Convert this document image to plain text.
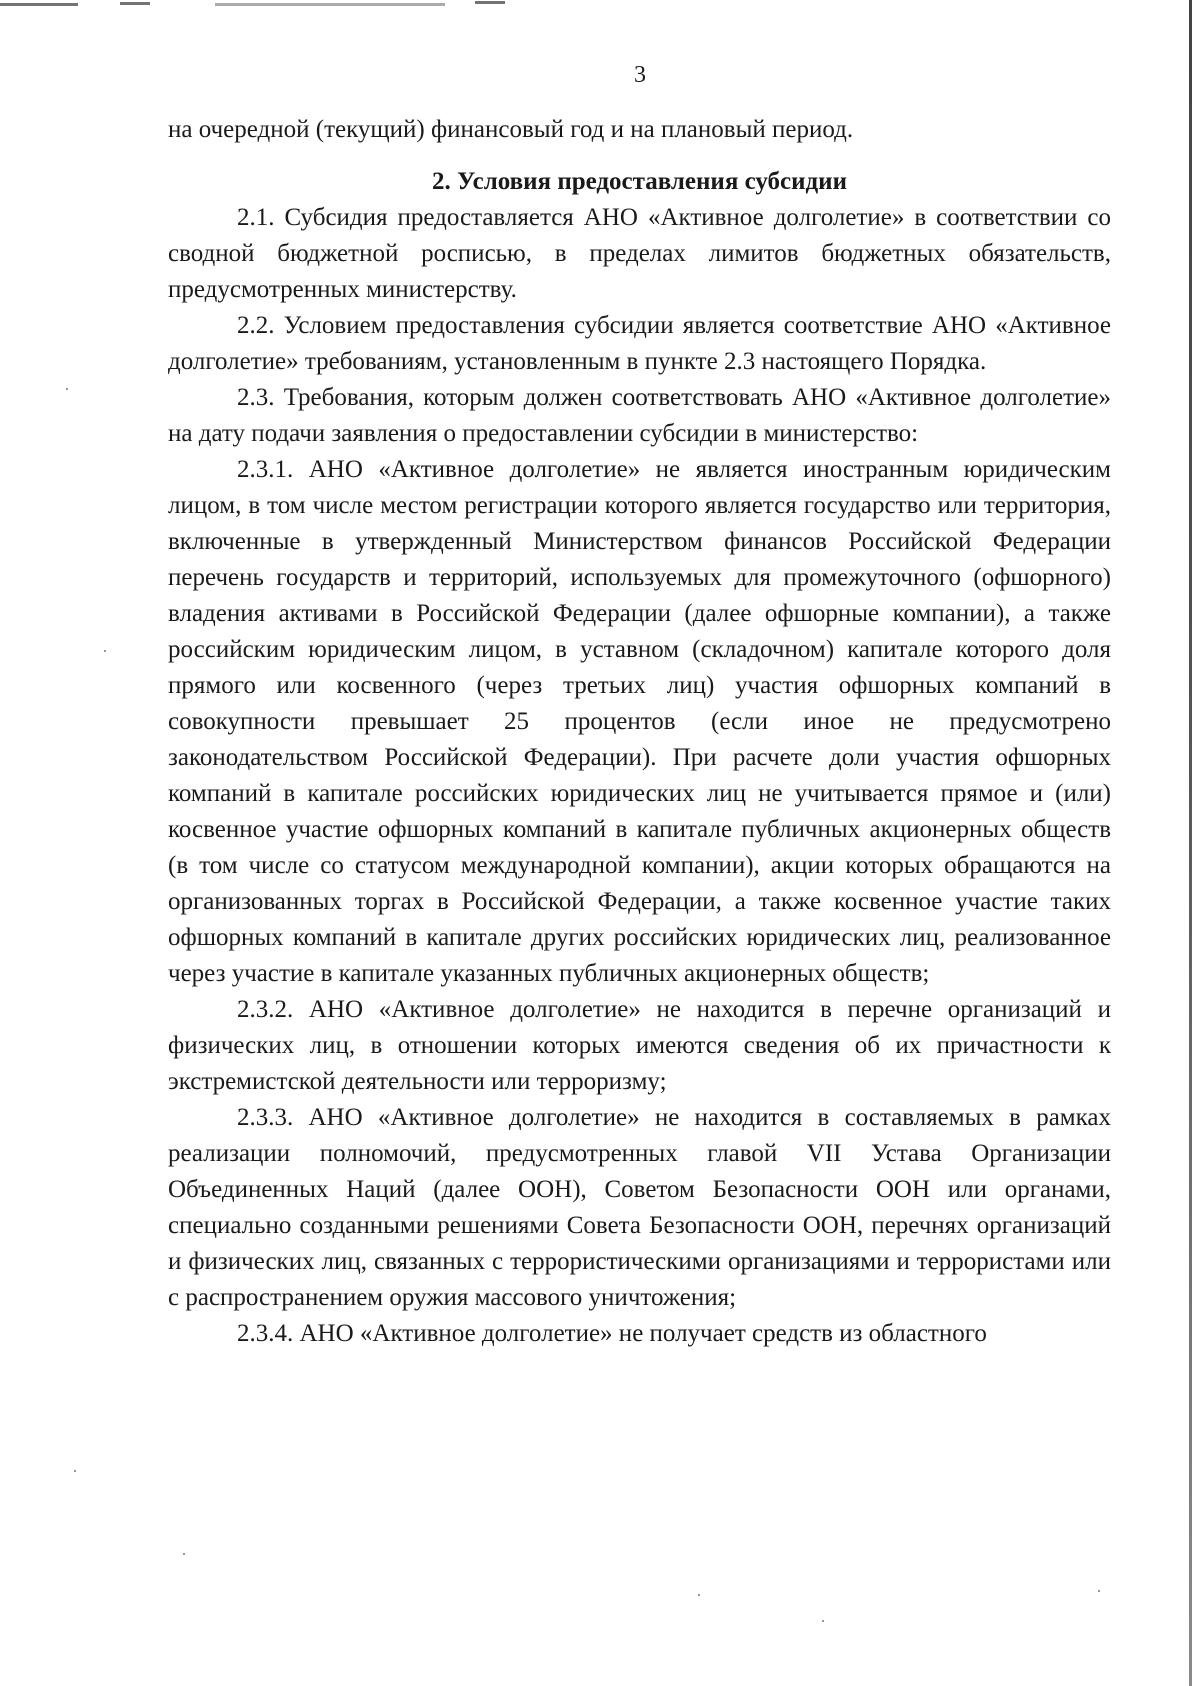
3

на очередной (текущий) финансовый год и на плановый период.

2. Условия предоставления субсидии

2.1. Субсидия предоставляется АНО «Активное долголетие» в соответствии со сводной бюджетной росписью, в пределах лимитов бюджетных обязательств, предусмотренных министерству.

2.2. Условием предоставления субсидии является соответствие АНО «Активное долголетие» требованиям, установленным в пункте 2.3 настоящего Порядка.

2.3. Требования, которым должен соответствовать АНО «Активное долголетие» на дату подачи заявления о предоставлении субсидии в министерство:

2.3.1. АНО «Активное долголетие» не является иностранным юридическим лицом, в том числе местом регистрации которого является государство или территория, включенные в утвержденный Министерством финансов Российской Федерации перечень государств и территорий, используемых для промежуточного (офшорного) владения активами в Российской Федерации (далее офшорные компании), а также российским юридическим лицом, в уставном (складочном) капитале которого доля прямого или косвенного (через третьих лиц) участия офшорных компаний в совокупности превышает 25 процентов (если иное не предусмотрено законодательством Российской Федерации). При расчете доли участия офшорных компаний в капитале российских юридических лиц не учитывается прямое и (или) косвенное участие офшорных компаний в капитале публичных акционерных обществ (в том числе со статусом международной компании), акции которых обращаются на организованных торгах в Российской Федерации, а также косвенное участие таких офшорных компаний в капитале других российских юридических лиц, реализованное через участие в капитале указанных публичных акционерных обществ;

2.3.2. АНО «Активное долголетие» не находится в перечне организаций и физических лиц, в отношении которых имеются сведения об их причастности к экстремистской деятельности или терроризму;

2.3.3. АНО «Активное долголетие» не находится в составляемых в рамках реализации полномочий, предусмотренных главой VII Устава Организации Объединенных Наций (далее ООН), Советом Безопасности ООН или органами, специально созданными решениями Совета Безопасности ООН, перечнях организаций и физических лиц, связанных с террористическими организациями и террористами или с распространением оружия массового уничтожения;

2.3.4. АНО «Активное долголетие» не получает средств из областного
